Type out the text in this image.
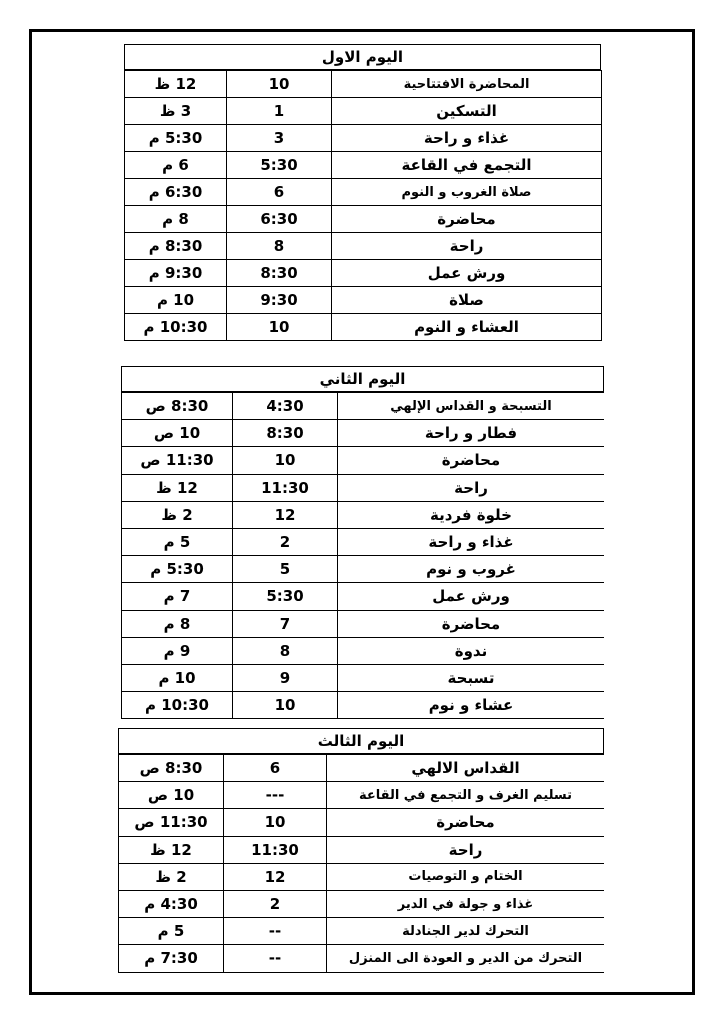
اليوم الاول
المحاضرة الافتتاحية	10	12 ظ
التسكين	1	3 ظ
غذاء و راحة	3	5:30 م
التجمع في القاعة	5:30	6 م
صلاة الغروب و النوم	6	6:30 م
محاضرة	6:30	8 م
راحة	8	8:30 م
ورش عمل	8:30	9:30 م
صلاة	9:30	10 م
العشاء و النوم	10	10:30 م
اليوم الثاني
التسبحة و القداس الإلهي	4:30	8:30 ص
فطار و راحة	8:30	10 ص
محاضرة	10	11:30 ص
راحة	11:30	12 ظ
خلوة فردية	12	2 ظ
غذاء و راحة	2	5 م
غروب و نوم	5	5:30 م
ورش عمل	5:30	7 م
محاضرة	7	8 م
ندوة	8	9 م
تسبحة	9	10 م
عشاء و نوم	10	10:30 م
اليوم الثالث
القداس الالهي	6	8:30 ص
تسليم الغرف و التجمع في القاعة	---	10 ص
محاضرة	10	11:30 ص
راحة	11:30	12 ظ
الختام و التوصيات	12	2 ظ
غذاء و جولة في الدير	2	4:30 م
التحرك لدير الجنادلة	--	5 م
التحرك من الدير و العودة الى المنزل	--	7:30 م
